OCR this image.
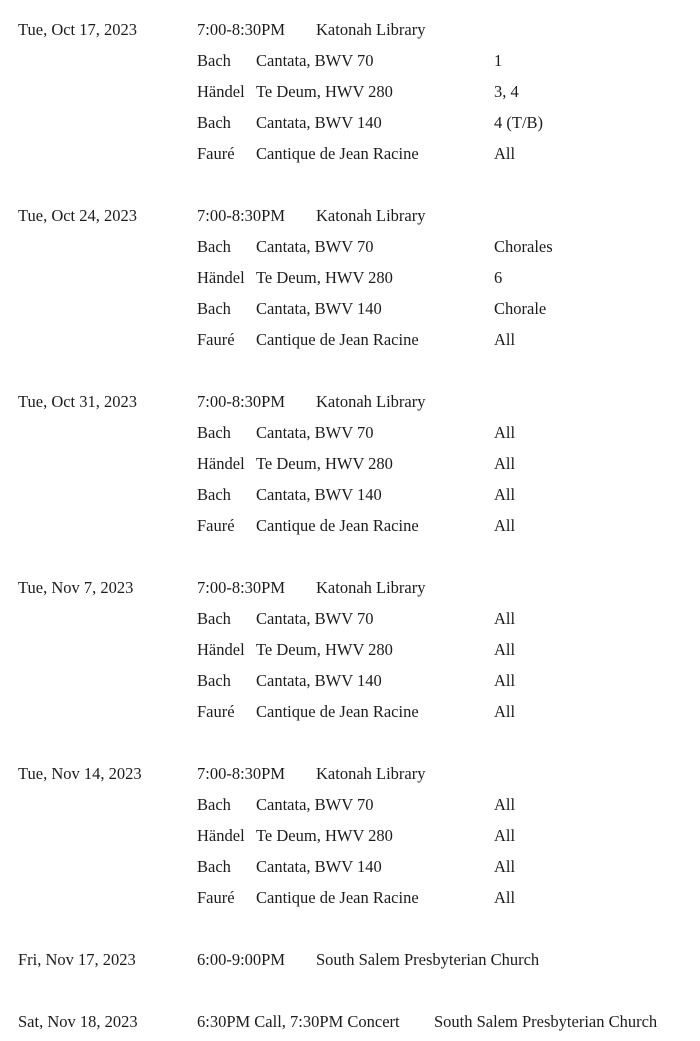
Tue, Oct 17, 2023	7:00-8:30PM Katonah Library
Bach Cantata, BWV 70	1
Händel Te Deum, HWV 280	3, 4
Bach Cantata, BWV 140	4 (T/B)
Fauré Cantique de Jean Racine	All
Tue, Oct 24, 2023	7:00-8:30PM Katonah Library
Bach Cantata, BWV 70	Chorales
Händel Te Deum, HWV 280	6
Bach Cantata, BWV 140	Chorale
Fauré Cantique de Jean Racine	All
Tue, Oct 31, 2023	7:00-8:30PM Katonah Library
Bach Cantata, BWV 70	All
Händel Te Deum, HWV 280	All
Bach Cantata, BWV 140	All
Fauré Cantique de Jean Racine	All
Tue, Nov 7, 2023	7:00-8:30PM Katonah Library
Bach Cantata, BWV 70	All
Händel Te Deum, HWV 280	All
Bach Cantata, BWV 140	All
Fauré Cantique de Jean Racine	All
Tue, Nov 14, 2023	7:00-8:30PM Katonah Library
Bach Cantata, BWV 70	All
Händel Te Deum, HWV 280	All
Bach Cantata, BWV 140	All
Fauré Cantique de Jean Racine	All
Fri, Nov 17, 2023	6:00-9:00PM South Salem Presbyterian Church
Sat, Nov 18, 2023	6:30PM Call, 7:30PM Concert South Salem Presbyterian Church
